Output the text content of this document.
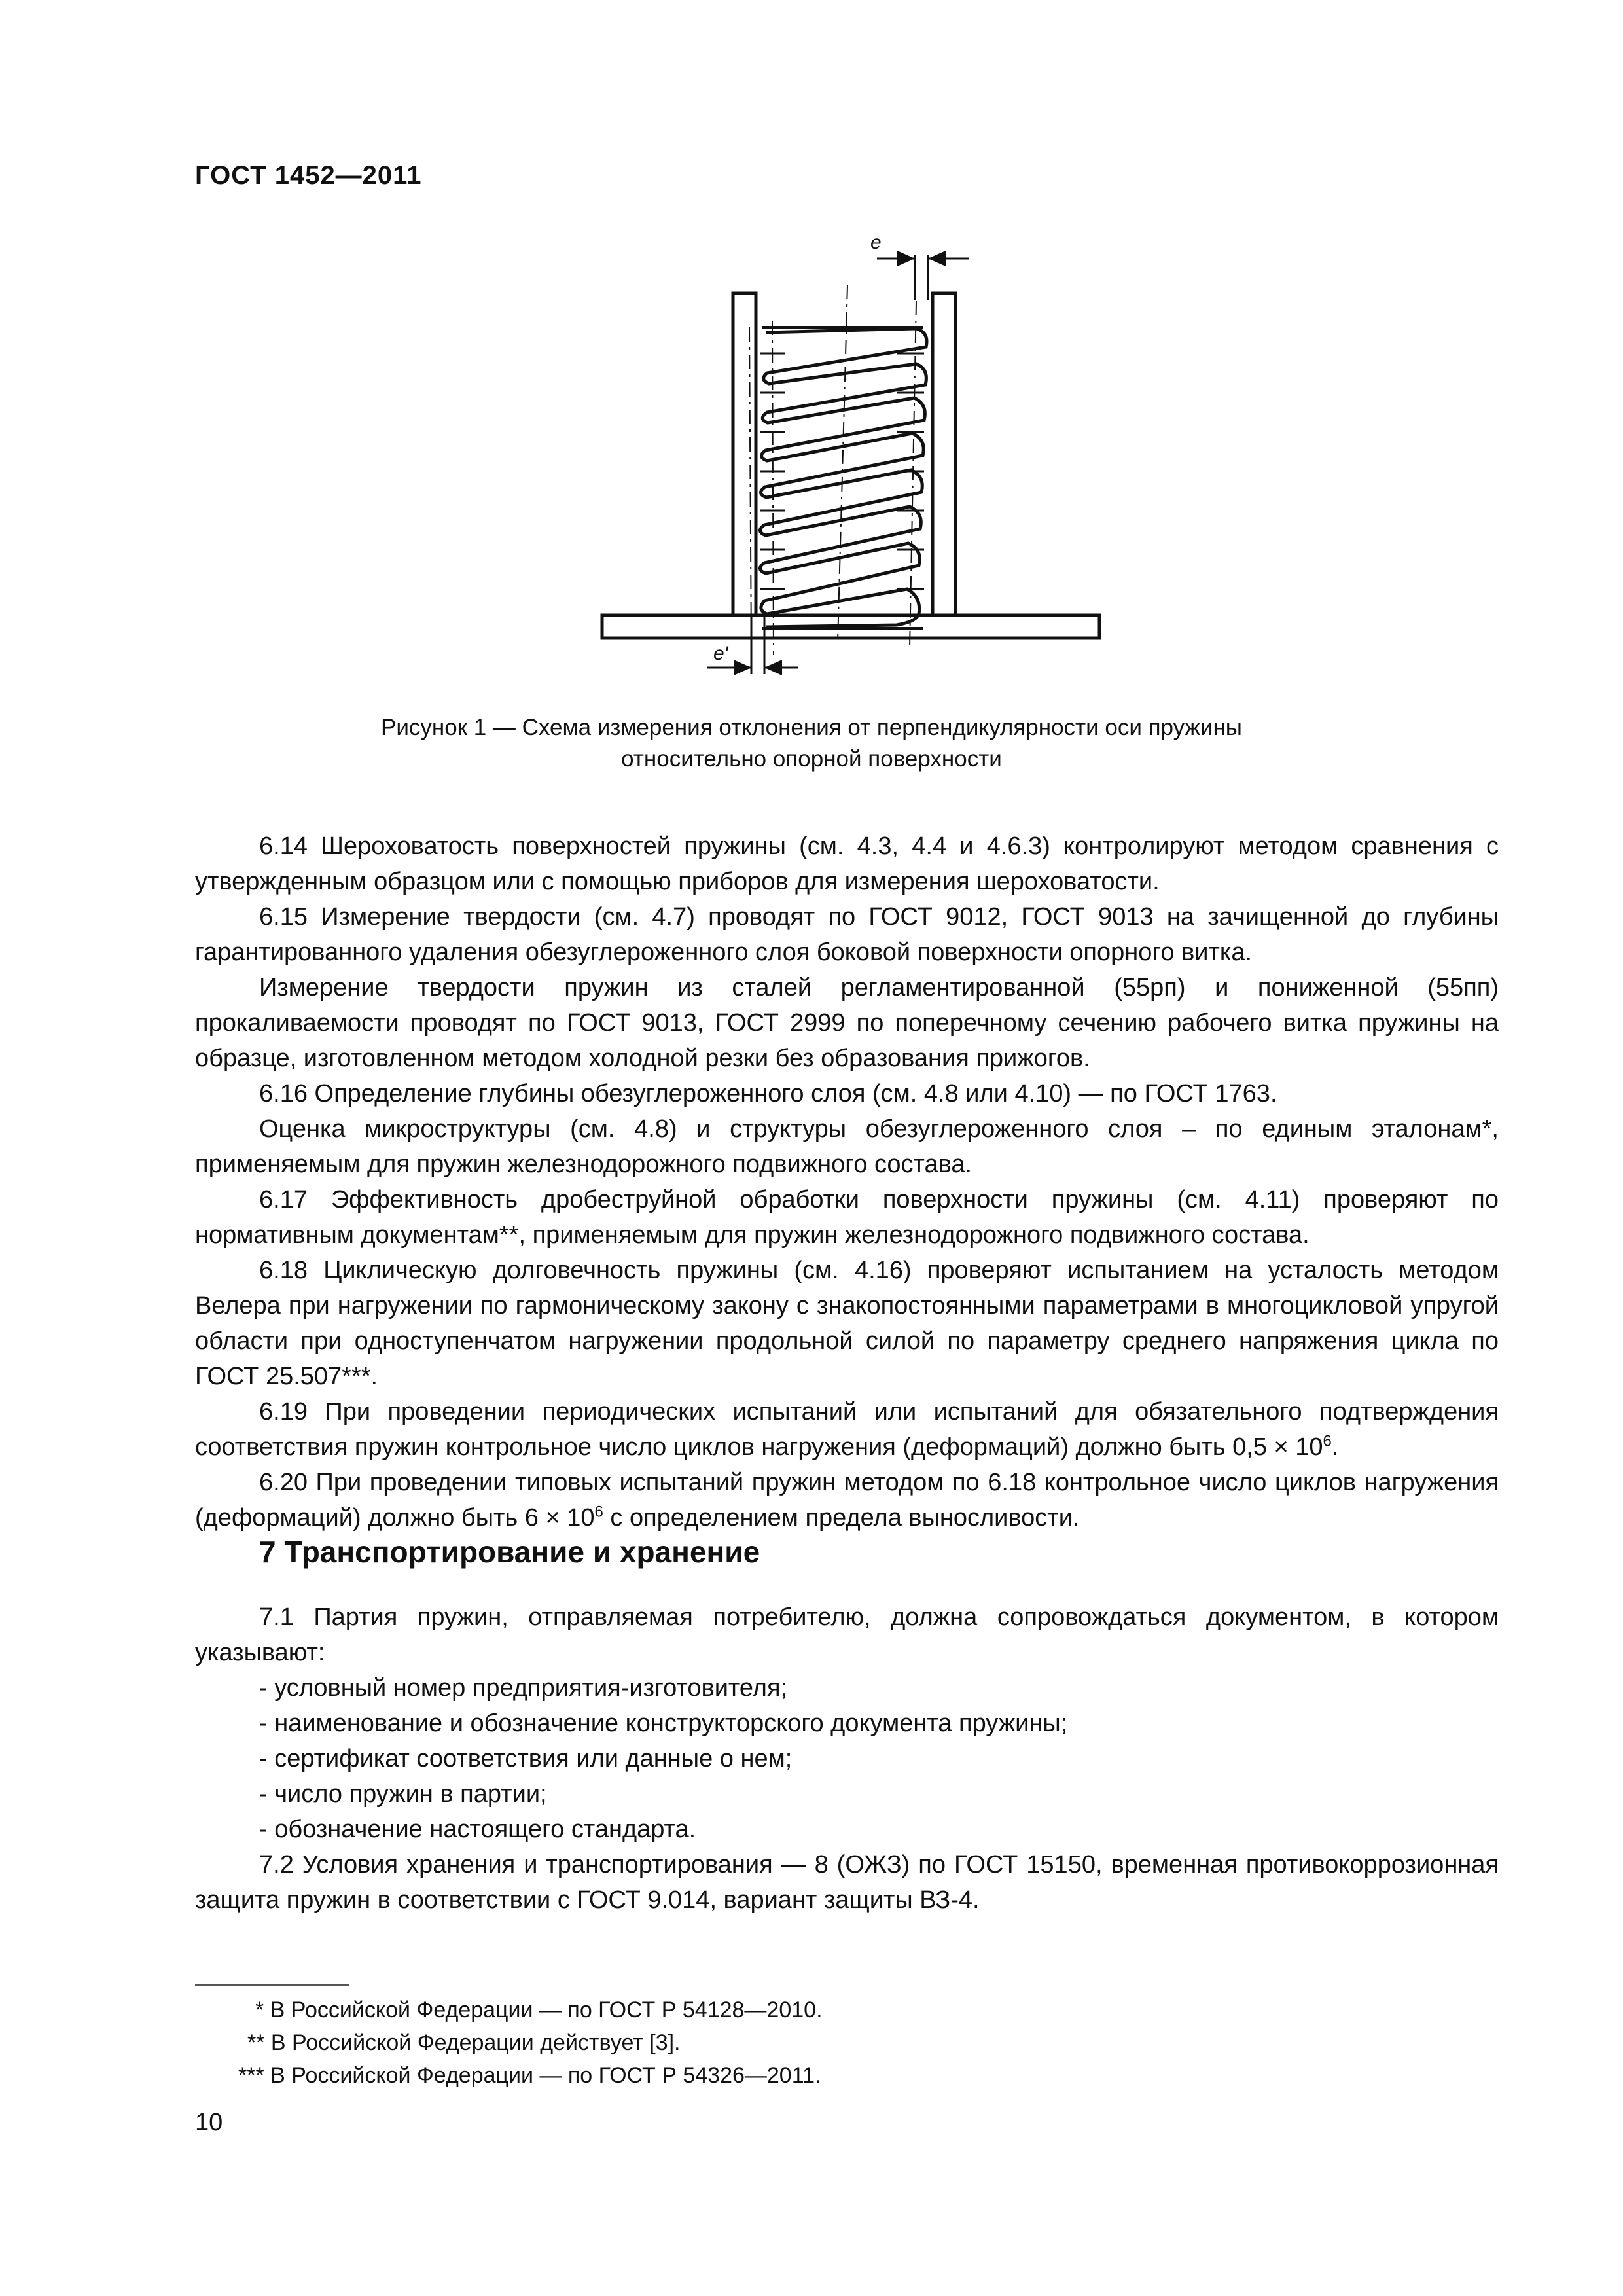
ГОСТ 1452—2011
е
е'
Рисунок 1 — Схема измерения отклонения от перпендикулярности оси пружины
относительно опорной поверхности

6.14 Шероховатость поверхностей пружины (см. 4.3, 4.4 и 4.6.3) контролируют методом сравнения с утвержденным образцом или с помощью приборов для измерения шероховатости.

6.15 Измерение твердости (см. 4.7) проводят по ГОСТ 9012, ГОСТ 9013 на зачищенной до глубины гарантированного удаления обезуглероженного слоя боковой поверхности опорного витка.

Измерение твердости пружин из сталей регламентированной (55рп) и пониженной (55пп) прокаливаемости проводят по ГОСТ 9013, ГОСТ 2999 по поперечному сечению рабочего витка пружины на образце, изготовленном методом холодной резки без образования прижогов.

6.16 Определение глубины обезуглероженного слоя (см. 4.8 или 4.10) — по ГОСТ 1763.

Оценка микроструктуры (см. 4.8) и структуры обезуглероженного слоя – по единым эталонам*, применяемым для пружин железнодорожного подвижного состава.

6.17 Эффективность дробеструйной обработки поверхности пружины (см. 4.11) проверяют по нормативным документам**, применяемым для пружин железнодорожного подвижного состава.

6.18 Циклическую долговечность пружины (см. 4.16) проверяют испытанием на усталость методом Велера при нагружении по гармоническому закону с знакопостоянными параметрами в многоцикловой упругой области при одноступенчатом нагружении продольной силой по параметру среднего напряжения цикла по ГОСТ 25.507***.

6.19 При проведении периодических испытаний или испытаний для обязательного подтверждения соответствия пружин контрольное число циклов нагружения (деформаций) должно быть $0,5 \times 10^6$.

6.20 При проведении типовых испытаний пружин методом по 6.18 контрольное число циклов нагружения (деформаций) должно быть $6 \times 10^6$ с определением предела выносливости.

7 Транспортирование и хранение

7.1 Партия пружин, отправляемая потребителю, должна сопровождаться документом, в котором указывают:

- условный номер предприятия-изготовителя;

- наименование и обозначение конструкторского документа пружины;

- сертификат соответствия или данные о нем;

- число пружин в партии;

- обозначение настоящего стандарта.

7.2 Условия хранения и транспортирования — 8 (ОЖЗ) по ГОСТ 15150, временная противокоррозионная защита пружин в соответствии с ГОСТ 9.014, вариант защиты ВЗ-4.

* В Российской Федерации — по ГОСТ Р 54128—2010.
** В Российской Федерации действует [3].
*** В Российской Федерации — по ГОСТ Р 54326—2011.
10
